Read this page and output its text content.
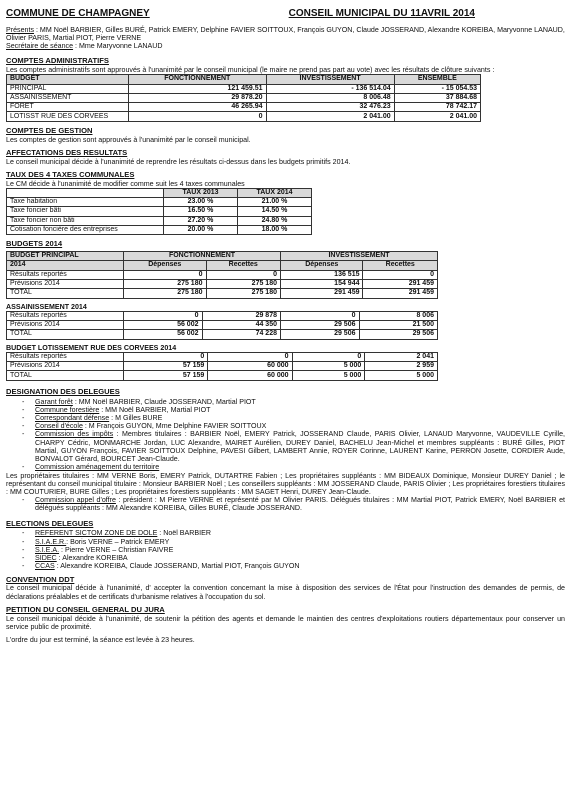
COMMUNE DE CHAMPAGNEY	CONSEIL MUNICIPAL DU 11AVRIL 2014

Présents : MM Noël BARBIER, Gilles BURÉ, Patrick EMERY, Delphine FAVIER SOITTOUX, François GUYON, Claude JOSSERAND, Alexandre KOREIBA, Maryvonne LANAUD, Olivier PARIS, Martial PIOT, Pierre VERNE

Secrétaire de séance : Mme Maryvonne LANAUD

COMPTES ADMINISTRATIFS

Les comptes administratifs sont approuvés à l'unanimité par le conseil municipal (le maire ne prend pas part au vote) avec les résultats de clôture suivants :

BUDGET	FONCTIONNEMENT	INVESTISSEMENT	ENSEMBLE
PRINCIPAL	121 459.51	- 136 514.04	- 15 054.53
ASSAINISSEMENT	29 878.20	8 006.48	37 884.68
FORET	46 265.94	32 476.23	78 742.17
LOTISST RUE DES CORVEES	0	2 041.00	2 041.00
COMPTES DE GESTION

Les comptes de gestion sont approuvés à l'unanimité par le conseil municipal.

AFFECTATIONS DES RESULTATS

Le conseil municipal décide à l'unanimité de reprendre les résultats ci-dessus dans les budgets primitifs 2014.

TAUX DES 4 TAXES COMMUNALES

Le CM décide à l'unanimité de modifier comme suit les 4 taxes communales

	TAUX 2013	TAUX 2014
Taxe habitation	23.00 %	21.00 %
Taxe foncier bâti	16.50 %	14.50 %
Taxe foncier non bâti	27.20 %	24.80 %
Cotisation foncière des entreprises	20.00 %	18.00 %
BUDGETS 2014
BUDGET PRINCIPAL	FONCTIONNEMENT		INVESTISSEMENT	
2014	Dépenses	Recettes	Dépenses	Recettes
Résultats reportés	0	0	136 515	0
Prévisions 2014	275 180	275 180	154 944	291 459
TOTAL	275 180	275 180	291 459	291 459
ASSAINISSEMENT 2014
Résultats reportés	0	29 878	0	8 006
Prévisions 2014	56 002	44 350	29 506	21 500
TOTAL	56 002	74 228	29 506	29 506
BUDGET LOTISSEMENT RUE DES CORVEES 2014
Résultats reportés	0	0	0	2 041
Prévisions 2014	57 159	60 000	5 000	2 959
TOTAL	57 159	60 000	5 000	5 000
DESIGNATION DES DELEGUES
- Garant forêt : MM Noël BARBIER, Claude JOSSERAND, Martial PIOT
- Commune forestière : MM Noël BARBIER, Martial PIOT
- Correspondant défense : M Gilles BURE
- Conseil d'école : M François GUYON, Mme Delphine FAVIER SOITTOUX
- Commission des impôts : Membres titulaires : BARBIER Noël, EMERY Patrick, JOSSERAND Claude, PARIS Olivier, LANAUD Maryvonne, VAUDEVILLE Cyrille, CHARPY Cédric, MONMARCHE Jordan, LUC Alexandre, MAIRET Aurélien, DUREY Daniel, BACHELU Jean-Michel et membres suppléants : BURÉ Gilles, PIOT Martial, GUYON François, FAVIER SOITTOUX Delphine, PAVESI Gilbert, LAMBERT Annie, ROYER Corinne, LAURENT Karine, PERRON Josette, CORDIER Aude, BONVALOT Gérard, BOURCET Jean-Claude.
- Commission aménagement du territoire

Les propriétaires titulaires : MM VERNE Boris, EMERY Patrick, DUTARTRE Fabien ; Les propriétaires suppléants : MM BIDEAUX Dominique, Monsieur DUREY Daniel ; le représentant du conseil municipal titulaire : Monsieur BARBIER Noël ; Les conseillers suppléants : MM JOSSERAND Claude, PARIS Olivier ; Les propriétaires forestiers titulaires : MM COUTURIER, BURE Gilles ; Les propriétaires forestiers suppléants : MM SAGET Henri, DUREY Jean-Claude.

- Commission appel d'offre : président : M Pierre VERNE et représenté par M Olivier PARIS. Délégués titulaires : MM Martial PIOT, Patrick EMERY, Noël BARBIER et délégués suppléants : MM Alexandre KOREIBA, Gilles BURÉ, Claude JOSSERAND.
ELECTIONS DELEGUES
- REFERENT SICTOM ZONE DE DOLE : Noël BARBIER
- S.I.A.E.R.: Boris VERNE – Patrick EMERY
- S.I.E.A. : Pierre VERNE – Christian FAIVRE
- SIDEC : Alexandre KOREIBA
- CCAS : Alexandre KOREIBA, Claude JOSSERAND, Martial PIOT, François GUYON
CONVENTION DDT

Le conseil municipal décide à l'unanimité, d' accepter la convention concernant la mise à disposition des services de l'État pour l'instruction des demandes de permis, de déclarations préalables et de certificats d'urbanisme relatives à l'occupation du sol.

PETITION DU CONSEIL GENERAL DU JURA

Le conseil municipal décide à l'unanimité, de soutenir la pétition des agents et demande le maintien des centres d'exploitations routiers départementaux pour conserver un service public de proximité.

L'ordre du jour est terminé, la séance est levée à 23 heures.
